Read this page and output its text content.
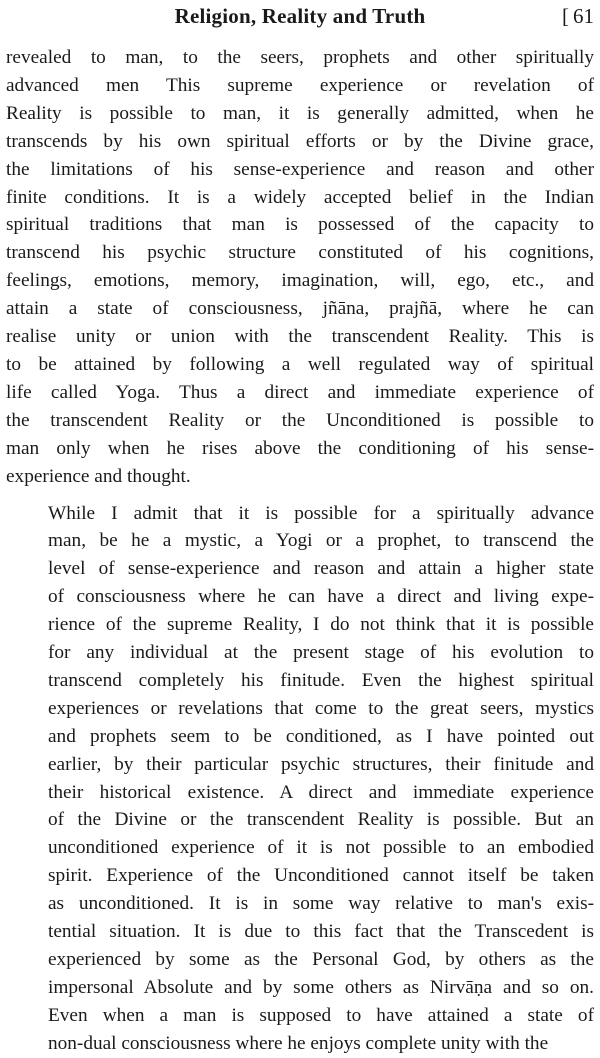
Religion, Reality and Truth	[ 61

revealed to man, to the seers, prophets and other spiritually
advanced men This supreme experience or revelation of
Reality is possible to man, it is generally admitted, when he
transcends by his own spiritual efforts or by the Divine grace,
the limitations of his sense-experience and reason and other
finite conditions. It is a widely accepted belief in the Indian
spiritual traditions that man is possessed of the capacity to
transcend his psychic structure constituted of his cognitions,
feelings, emotions, memory, imagination, will, ego, etc., and
attain a state of consciousness, jñāna, prajñā, where he can
realise unity or union with the transcendent Reality. This is
to be attained by following a well regulated way of spiritual
life called Yoga. Thus a direct and immediate experience of
the transcendent Reality or the Unconditioned is possible to
man only when he rises above the conditioning of his sense-
experience and thought.

While I admit that it is possible for a spiritually advance
man, be he a mystic, a Yogi or a prophet, to transcend the
level of sense-experience and reason and attain a higher state
of consciousness where he can have a direct and living expe-
rience of the supreme Reality, I do not think that it is possible
for any individual at the present stage of his evolution to
transcend completely his finitude. Even the highest spiritual
experiences or revelations that come to the great seers, mystics
and prophets seem to be conditioned, as I have pointed out
earlier, by their particular psychic structures, their finitude and
their historical existence. A direct and immediate experience
of the Divine or the transcendent Reality is possible. But an
unconditioned experience of it is not possible to an embodied
spirit. Experience of the Unconditioned cannot itself be taken
as unconditioned. It is in some way relative to man's exis-
tential situation. It is due to this fact that the Transcedent is
experienced by some as the Personal God, by others as the
impersonal Absolute and by some others as Nirvāṇa and so on.
Even when a man is supposed to have attained a state of
non-dual consciousness where he enjoys complete unity with the
